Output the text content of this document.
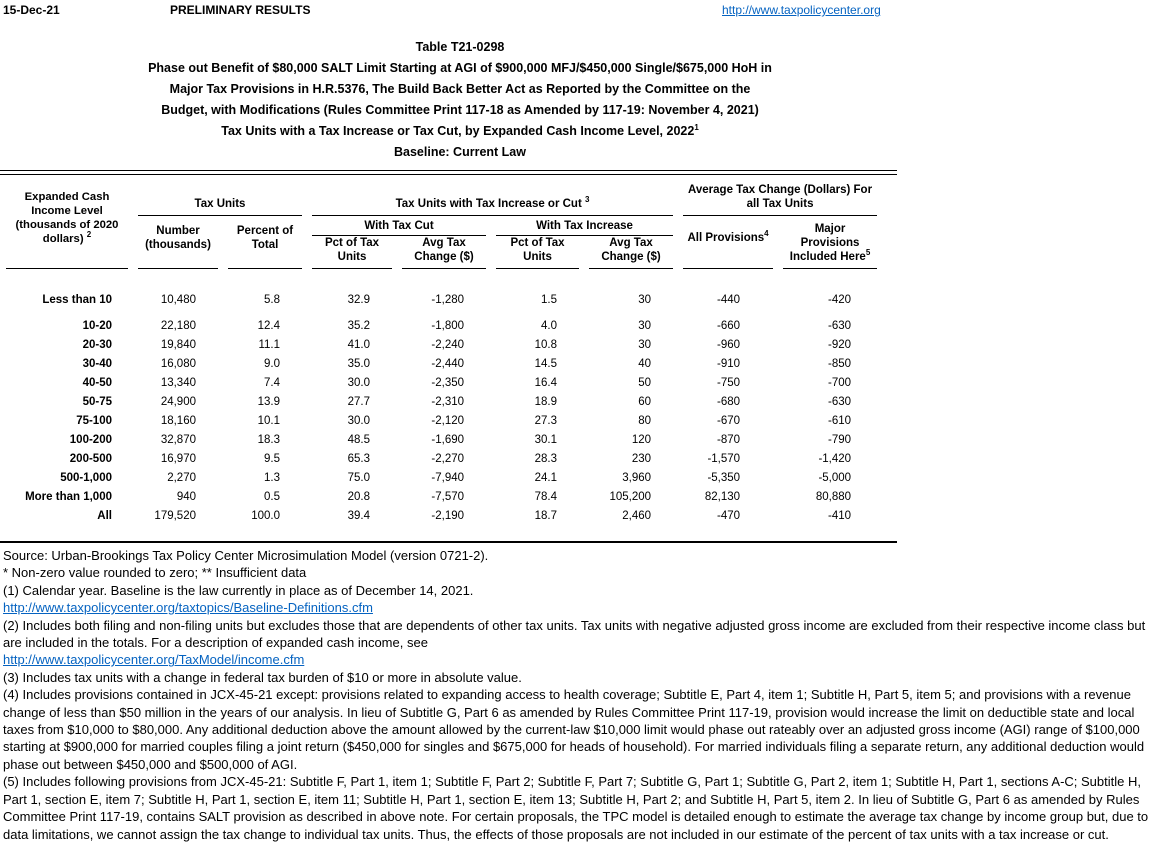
15-Dec-21	PRELIMINARY RESULTS	http://www.taxpolicycenter.org
Table T21-0298
Phase out Benefit of $80,000 SALT Limit Starting at AGI of $900,000 MFJ/$450,000 Single/$675,000 HoH in
Major Tax Provisions in H.R.5376, The Build Back Better Act as Reported by the Committee on the
Budget, with Modifications (Rules Committee Print 117-18 as Amended by 117-19: November 4, 2021)
Tax Units with a Tax Increase or Tax Cut, by Expanded Cash Income Level, 2022$^1$
Baseline: Current Law
Expanded Cash Income Level (thousands of 2020 dollars) $^2$	Tax Units		Tax Units with Tax Increase or Cut $^3$				Average Tax Change (Dollars) For all Tax Units	

	Number (thousands)	Percent of Total	With Tax Cut		With Tax Increase		All Provisions$^4$	Major
Provisions
Included Here$^5$

			Pct of Tax Units	Avg Tax Change ($)	Pct of Tax Units	Avg Tax Change ($)		

Less than 10	10,480	5.8	32.9	-1,280	1.5	30	-440	-420
10-20	22,180	12.4	35.2	-1,800	4.0	30	-660	-630
20-30	19,840	11.1	41.0	-2,240	10.8	30	-960	-920
30-40	16,080	9.0	35.0	-2,440	14.5	40	-910	-850
40-50	13,340	7.4	30.0	-2,350	16.4	50	-750	-700
50-75	24,900	13.9	27.7	-2,310	18.9	60	-680	-630
75-100	18,160	10.1	30.0	-2,120	27.3	80	-670	-610
100-200	32,870	18.3	48.5	-1,690	30.1	120	-870	-790
200-500	16,970	9.5	65.3	-2,270	28.3	230	-1,570	-1,420
500-1,000	2,270	1.3	75.0	-7,940	24.1	3,960	-5,350	-5,000
More than 1,000	940	0.5	20.8	-7,570	78.4	105,200	82,130	80,880
All	179,520	100.0	39.4	-2,190	18.7	2,460	-470	-410

Source: Urban-Brookings Tax Policy Center Microsimulation Model (version 0721-2).

* Non-zero value rounded to zero; ** Insufficient data

(1) Calendar year. Baseline is the law currently in place as of December 14, 2021.

http://www.taxpolicycenter.org/taxtopics/Baseline-Definitions.cfm

(2) Includes both filing and non-filing units but excludes those that are dependents of other tax units. Tax units with negative adjusted gross income are excluded from their respective income class but are included in the totals. For a description of expanded cash income, see

http://www.taxpolicycenter.org/TaxModel/income.cfm

(3) Includes tax units with a change in federal tax burden of $10 or more in absolute value.

(4) Includes provisions contained in JCX-45-21 except: provisions related to expanding access to health coverage; Subtitle E, Part 4, item 1; Subtitle H, Part 5, item 5; and provisions with a revenue change of less than $50 million in the years of our analysis. In lieu of Subtitle G, Part 6 as amended by Rules Committee Print 117-19, provision would increase the limit on deductible state and local taxes from $10,000 to $80,000. Any additional deduction above the amount allowed by the current-law $10,000 limit would phase out rateably over an adjusted gross income (AGI) range of $100,000 starting at $900,000 for married couples filing a joint return ($450,000 for singles and $675,000 for heads of household). For married individuals filing a separate return, any additional deduction would phase out between $450,000 and $500,000 of AGI.

(5) Includes following provisions from JCX-45-21: Subtitle F, Part 1, item 1; Subtitle F, Part 2; Subtitle F, Part 7; Subtitle G, Part 1; Subtitle G, Part 2, item 1; Subtitle H, Part 1, sections A-C; Subtitle H, Part 1, section E, item 7; Subtitle H, Part 1, section E, item 11; Subtitle H, Part 1, section E, item 13; Subtitle H, Part 2; and Subtitle H, Part 5, item 2. In lieu of Subtitle G, Part 6 as amended by Rules Committee Print 117-19, contains SALT provision as described in above note. For certain proposals, the TPC model is detailed enough to estimate the average tax change by income group but, due to data limitations, we cannot assign the tax change to individual tax units. Thus, the effects of those proposals are not included in our estimate of the percent of tax units with a tax increase or cut.
